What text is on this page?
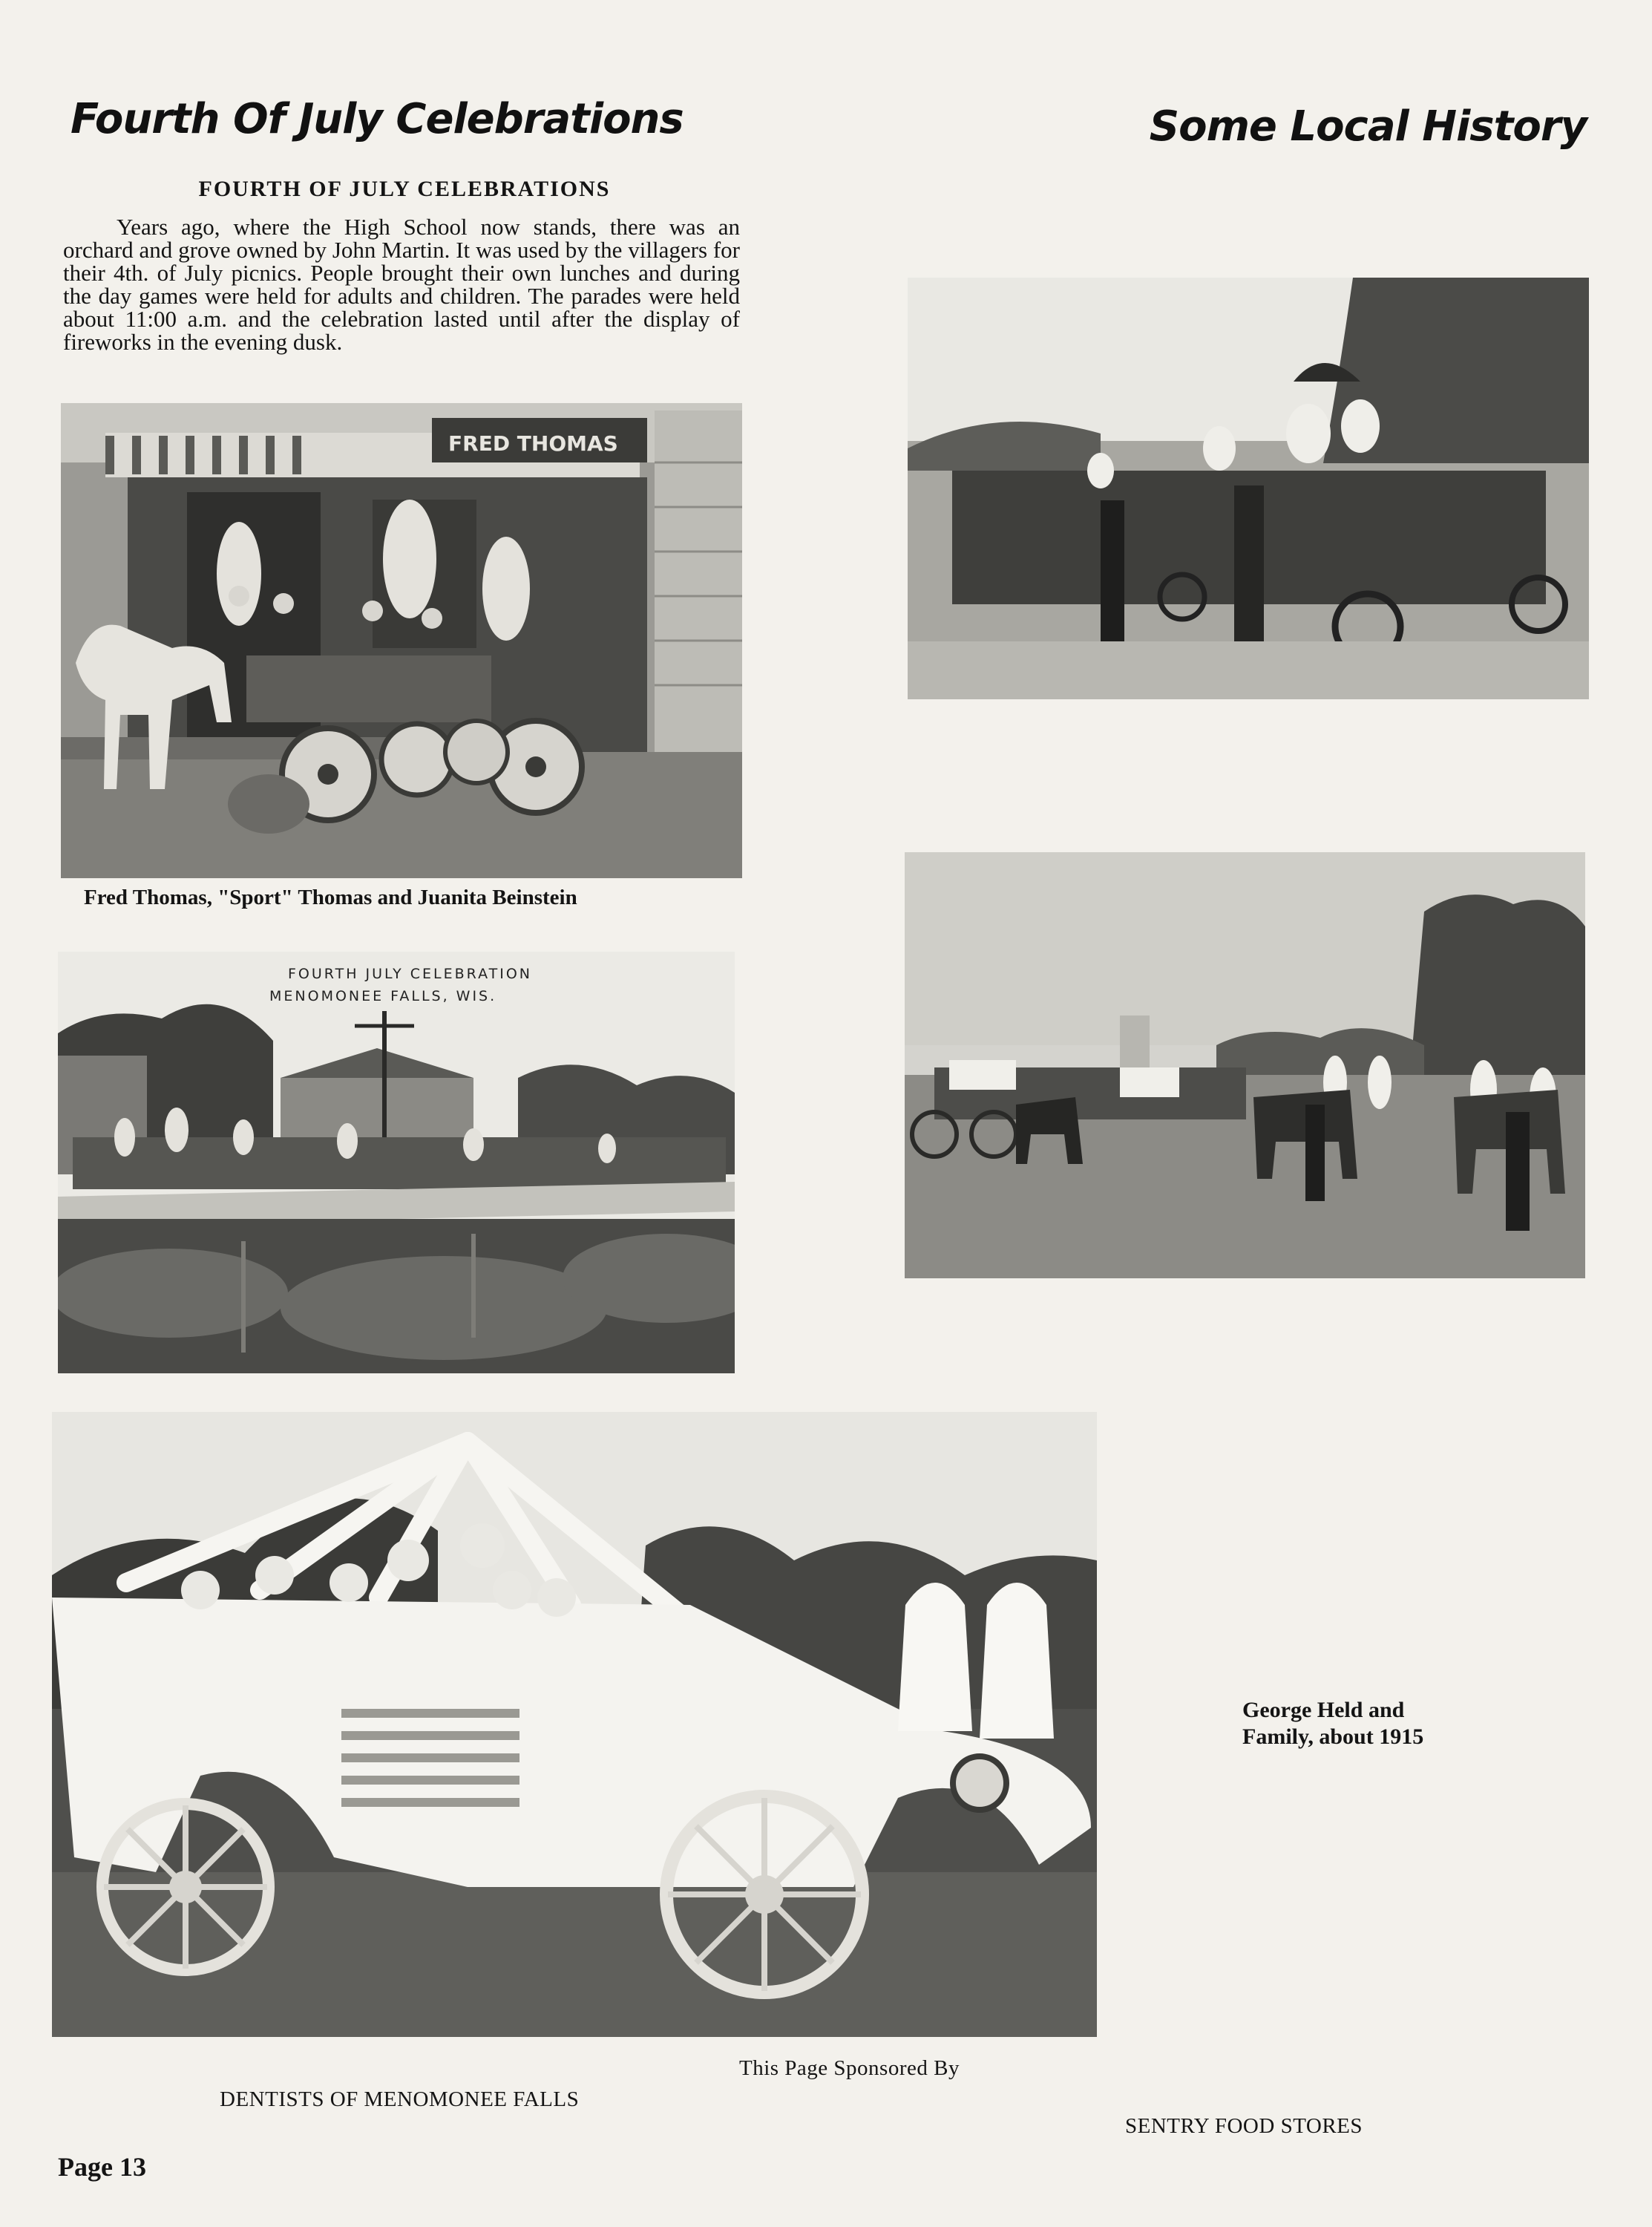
Fourth Of July Celebrations	Some Local History
FOURTH OF JULY CELEBRATIONS
Years ago, where the High School now stands, there was an orchard and grove owned by John Martin. It was used by the villagers for their 4th. of July picnics. People brought their own lunches and during the day games were held for adults and children. The parades were held about 11:00 a.m. and the celebration lasted until after the display of fireworks in the evening dusk.
FRED THOMAS
Fred Thomas, "Sport" Thomas and Juanita Beinstein
FOURTH JULY CELEBRATION
MENOMONEE FALLS, WIS.
George Held and
Family, about 1915
This Page Sponsored By
DENTISTS OF MENOMONEE FALLS
SENTRY FOOD STORES
Page 13
